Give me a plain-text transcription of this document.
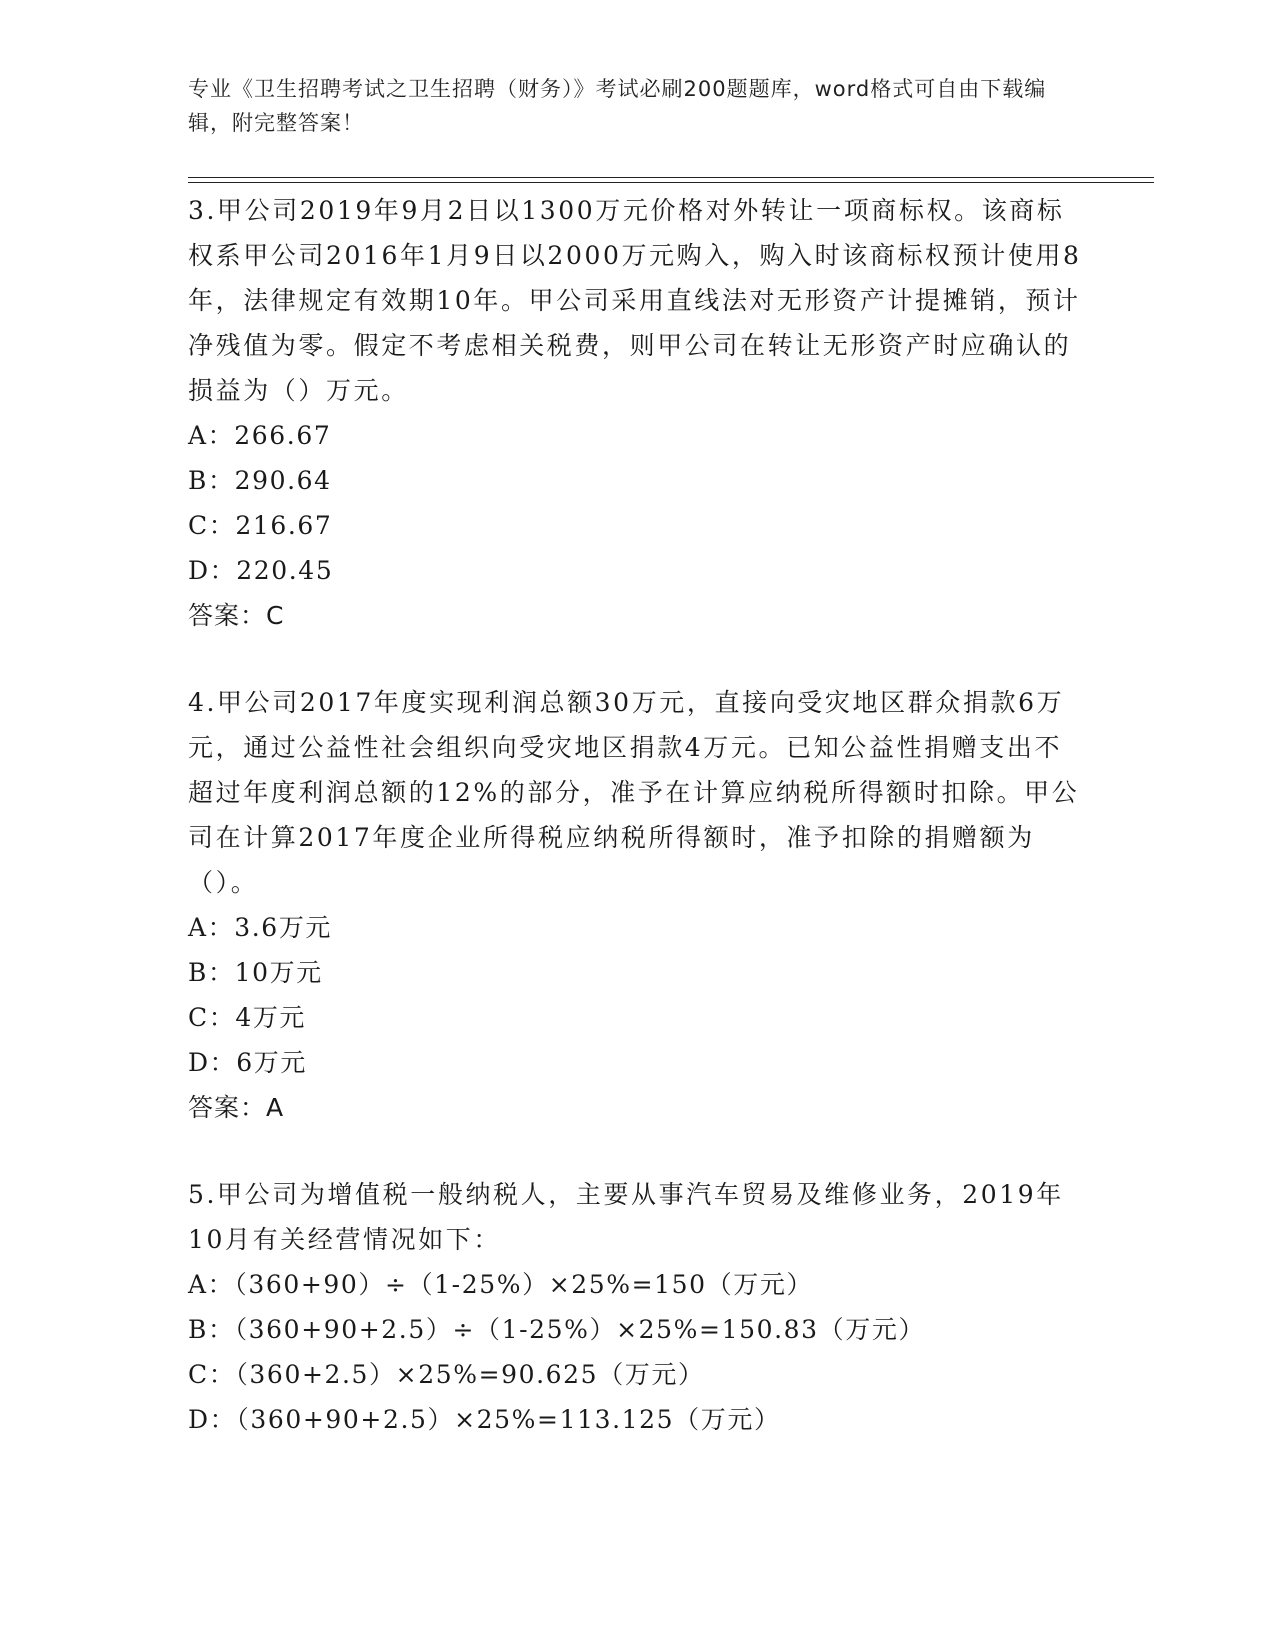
专业《卫生招聘考试之卫生招聘（财务）》考试必刷200题题库，word格式可自由下载编辑，附完整答案！

3.甲公司2019年9月2日以1300万元价格对外转让一项商标权。该商标权系甲公司2016年1月9日以2000万元购入，购入时该商标权预计使用8年，法律规定有效期10年。甲公司采用直线法对无形资产计提摊销，预计净残值为零。假定不考虑相关税费，则甲公司在转让无形资产时应确认的损益为（）万元。

A：266.67
B：290.64
C：216.67
D：220.45

答案：C

4.甲公司2017年度实现利润总额30万元，直接向受灾地区群众捐款6万元，通过公益性社会组织向受灾地区捐款4万元。已知公益性捐赠支出不超过年度利润总额的12%的部分，准予在计算应纳税所得额时扣除。甲公司在计算2017年度企业所得税应纳税所得额时，准予扣除的捐赠额为（）。

A：3.6万元
B：10万元
C：4万元
D：6万元

答案：A

5.甲公司为增值税一般纳税人，主要从事汽车贸易及维修业务，2019年10月有关经营情况如下：

A：（360+90）÷（1-25%）×25%=150（万元）
B：（360+90+2.5）÷（1-25%）×25%=150.83（万元）
C：（360+2.5）×25%=90.625（万元）
D：（360+90+2.5）×25%=113.125（万元）
